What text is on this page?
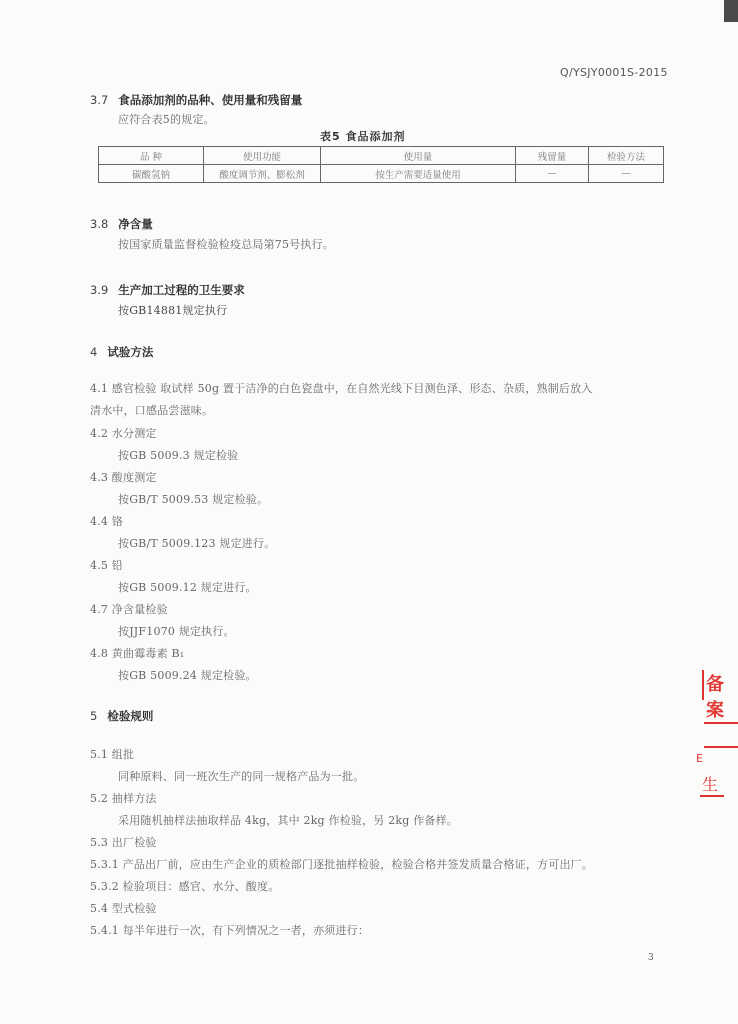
Q/YSJY0001S-2015
3.7 食品添加剂的品种、使用量和残留量
应符合表5的规定。
表5 食品添加剂
品 种	使用功能	使用量	残留量	检验方法
碳酸氢钠	酸度调节剂、膨松剂	按生产需要适量使用	—	—
3.8 净含量
按国家质量监督检验检疫总局第75号执行。
3.9 生产加工过程的卫生要求
按GB14881规定执行
4 试验方法
4.1 感官检验 取试样 50g 置于洁净的白色瓷盘中，在自然光线下目测色泽、形态、杂质，熟制后放入
清水中，口感品尝滋味。
4.2 水分测定
按GB 5009.3 规定检验
4.3 酸度测定
按GB/T 5009.53 规定检验。
4.4 铬
按GB/T 5009.123 规定进行。
4.5 铅
按GB 5009.12 规定进行。
4.7 净含量检验
按JJF1070 规定执行。
4.8 黄曲霉毒素 B₁
按GB 5009.24 规定检验。
5 检验规则
5.1 组批
同种原料、同一班次生产的同一规格产品为一批。
5.2 抽样方法
采用随机抽样法抽取样品 4kg，其中 2kg 作检验，另 2kg 作备样。
5.3 出厂检验
5.3.1 产品出厂前，应由生产企业的质检部门逐批抽样检验，检验合格并签发质量合格证，方可出厂。
5.3.2 检验项目：感官、水分、酸度。
5.4 型式检验
5.4.1 每半年进行一次，有下列情况之一者，亦须进行：
3
备案
E
生
